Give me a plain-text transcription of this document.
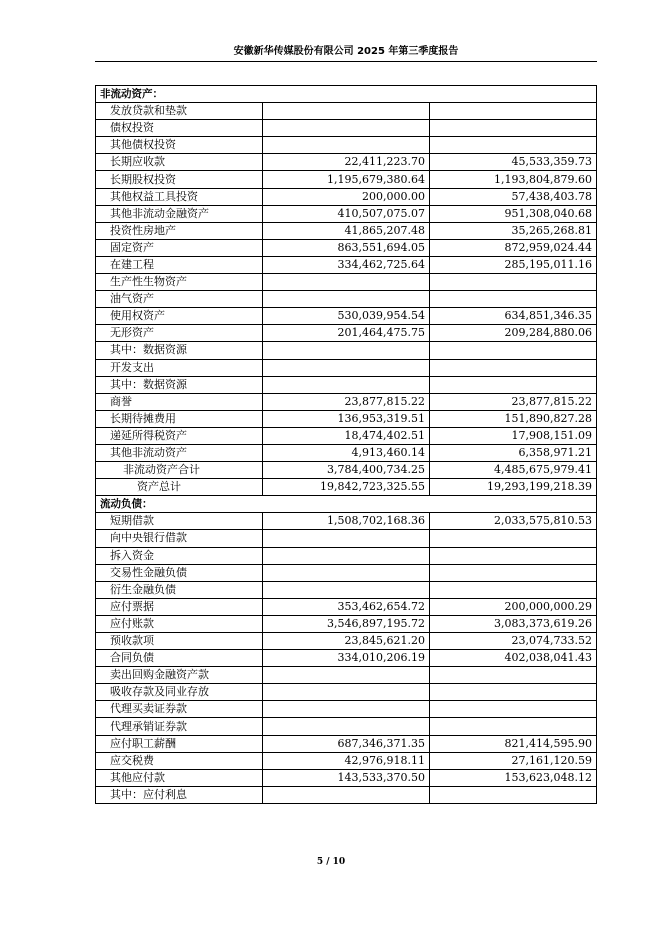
安徽新华传媒股份有限公司 2025 年第三季度报告
非流动资产：		
发放贷款和垫款		
债权投资		
其他债权投资		
长期应收款	22,411,223.70	45,533,359.73
长期股权投资	1,195,679,380.64	1,193,804,879.60
其他权益工具投资	200,000.00	57,438,403.78
其他非流动金融资产	410,507,075.07	951,308,040.68
投资性房地产	41,865,207.48	35,265,268.81
固定资产	863,551,694.05	872,959,024.44
在建工程	334,462,725.64	285,195,011.16
生产性生物资产		
油气资产		
使用权资产	530,039,954.54	634,851,346.35
无形资产	201,464,475.75	209,284,880.06
其中：数据资源		
开发支出		
其中：数据资源		
商誉	23,877,815.22	23,877,815.22
长期待摊费用	136,953,319.51	151,890,827.28
递延所得税资产	18,474,402.51	17,908,151.09
其他非流动资产	4,913,460.14	6,358,971.21
非流动资产合计	3,784,400,734.25	4,485,675,979.41
资产总计	19,842,723,325.55	19,293,199,218.39
流动负债：		
短期借款	1,508,702,168.36	2,033,575,810.53
向中央银行借款		
拆入资金		
交易性金融负债		
衍生金融负债		
应付票据	353,462,654.72	200,000,000.29
应付账款	3,546,897,195.72	3,083,373,619.26
预收款项	23,845,621.20	23,074,733.52
合同负债	334,010,206.19	402,038,041.43
卖出回购金融资产款		
吸收存款及同业存放		
代理买卖证券款		
代理承销证券款		
应付职工薪酬	687,346,371.35	821,414,595.90
应交税费	42,976,918.11	27,161,120.59
其他应付款	143,533,370.50	153,623,048.12
其中：应付利息		
5 / 10
